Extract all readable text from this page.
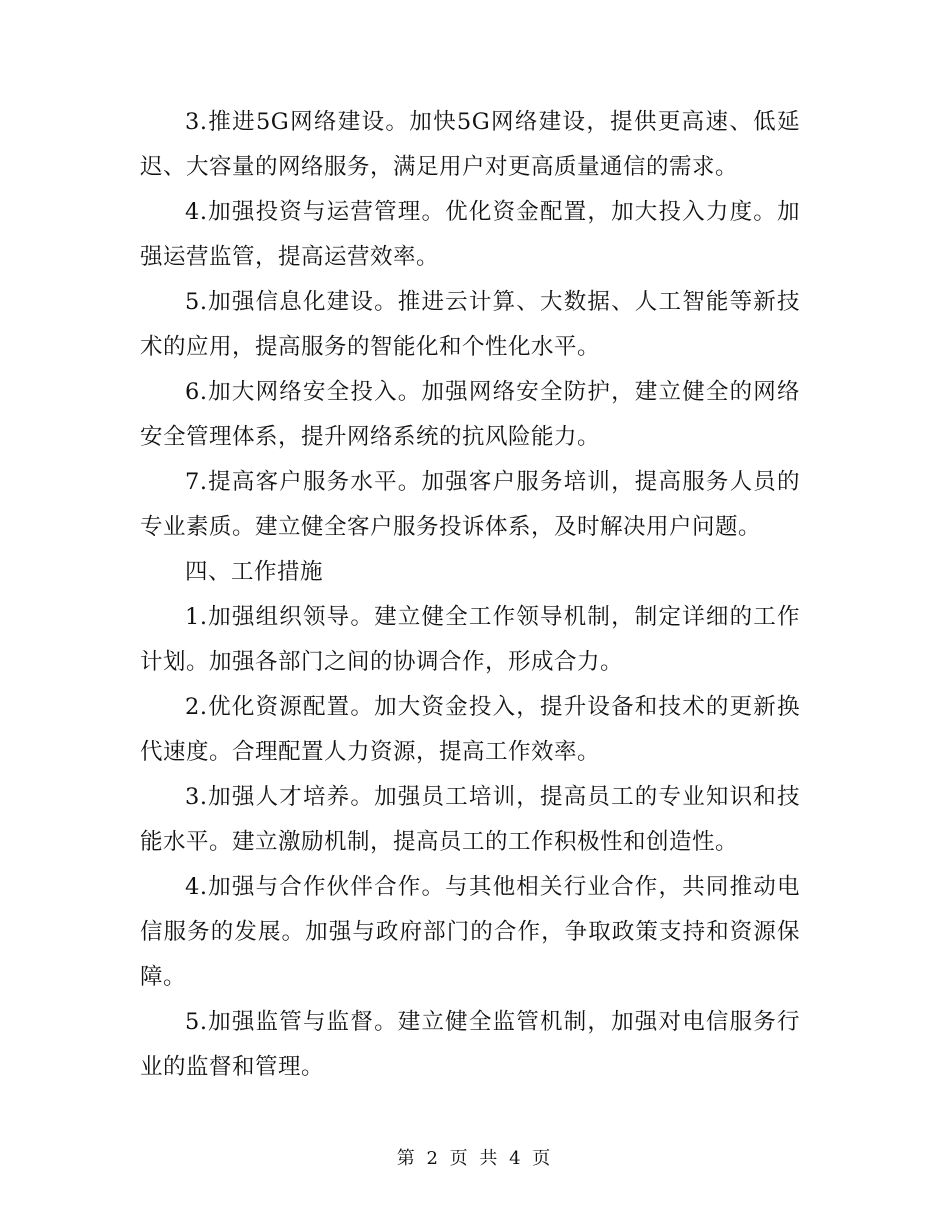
3.推进5G网络建设。加快5G网络建设，提供更高速、低延迟、大容量的网络服务，满足用户对更高质量通信的需求。

4.加强投资与运营管理。优化资金配置，加大投入力度。加强运营监管，提高运营效率。

5.加强信息化建设。推进云计算、大数据、人工智能等新技术的应用，提高服务的智能化和个性化水平。

6.加大网络安全投入。加强网络安全防护，建立健全的网络安全管理体系，提升网络系统的抗风险能力。

7.提高客户服务水平。加强客户服务培训，提高服务人员的专业素质。建立健全客户服务投诉体系，及时解决用户问题。

四、工作措施

1.加强组织领导。建立健全工作领导机制，制定详细的工作计划。加强各部门之间的协调合作，形成合力。

2.优化资源配置。加大资金投入，提升设备和技术的更新换代速度。合理配置人力资源，提高工作效率。

3.加强人才培养。加强员工培训，提高员工的专业知识和技能水平。建立激励机制，提高员工的工作积极性和创造性。

4.加强与合作伙伴合作。与其他相关行业合作，共同推动电信服务的发展。加强与政府部门的合作，争取政策支持和资源保障。

5.加强监管与监督。建立健全监管机制，加强对电信服务行业的监督和管理。

第 2 页 共 4 页
